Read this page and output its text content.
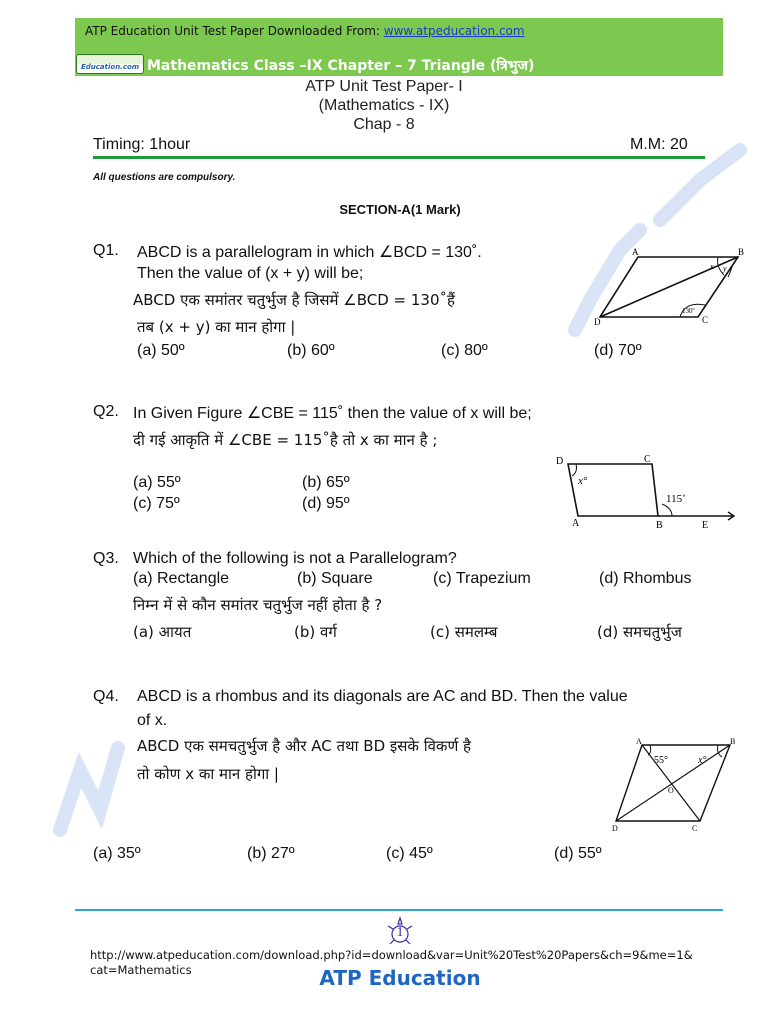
ATP Education Unit Test Paper Downloaded From: www.atpeducation.com
Education.com Mathematics Class –IX Chapter – 7 Triangle (त्रिभुज)
ATP Unit Test Paper- I
(Mathematics - IX)
Chap - 8
Timing: 1hour	M.M: 20
All questions are compulsory.
SECTION-A(1 Mark)
Q1. ABCD is a parallelogram in which ∠BCD = 130˚.
Then the value of (x + y) will be;
ABCD एक समांतर चतुर्भुज है जिसमें ∠BCD = 130˚हैं
तब (x + y) का मान होगा |
(a) 50º	(b) 60º	(c) 80º	(d) 70º
A	B
C
D
x y
130º
Q2. In Given Figure ∠CBE = 115˚ then the value of x will be;
दी गई आकृति में ∠CBE = 115˚है तो x का मान है ;
(a) 55º	(b) 65º
(c) 75º	(d) 95º
D	C
A	B	E
x°
115˚
Q3. Which of the following is not a Parallelogram?
(a) Rectangle	(b) Square	(c) Trapezium	(d) Rhombus
निम्न में से कौन समांतर चतुर्भुज नहीं होता है ?
(a) आयत	(b) वर्ग	(c) समलम्ब	(d) समचतुर्भुज
Q4. ABCD is a rhombus and its diagonals are AC and BD. Then the value
of x.
ABCD एक समचतुर्भुज है और AC तथा BD इसके विकर्ण है
तो कोण x का मान होगा |
(a) 35º	(b) 27º	(c) 45º	(d) 55º
A	B
C
D
O
55°	x°
1
http://www.atpeducation.com/download.php?id=download&var=Unit%20Test%20Papers&ch=9&me=1&
cat=Mathematics	ATP Education
